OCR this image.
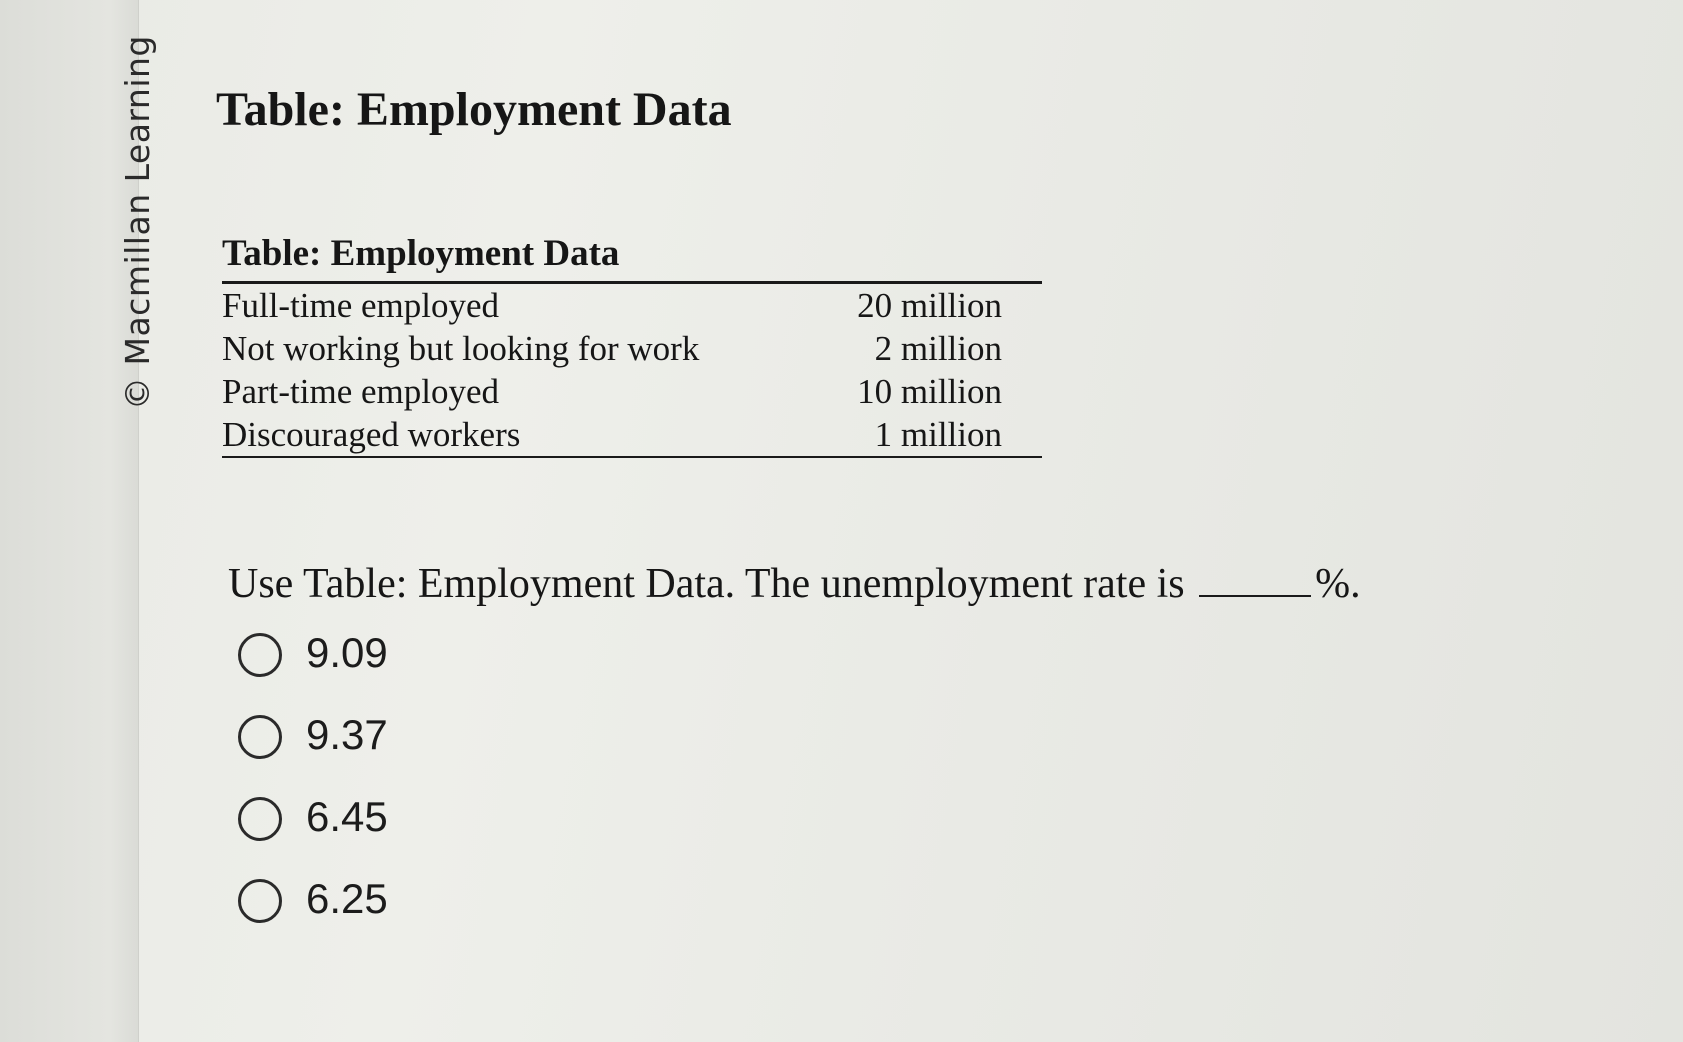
© Macmillan Learning Table: Employment Data
Table: Employment Data
Full-time employed	20 million
Not working but looking for work	2 million
Part-time employed	10 million
Discouraged workers	1 million
Use Table: Employment Data. The unemployment rate is	%.
9.09
9.37
6.45
6.25
